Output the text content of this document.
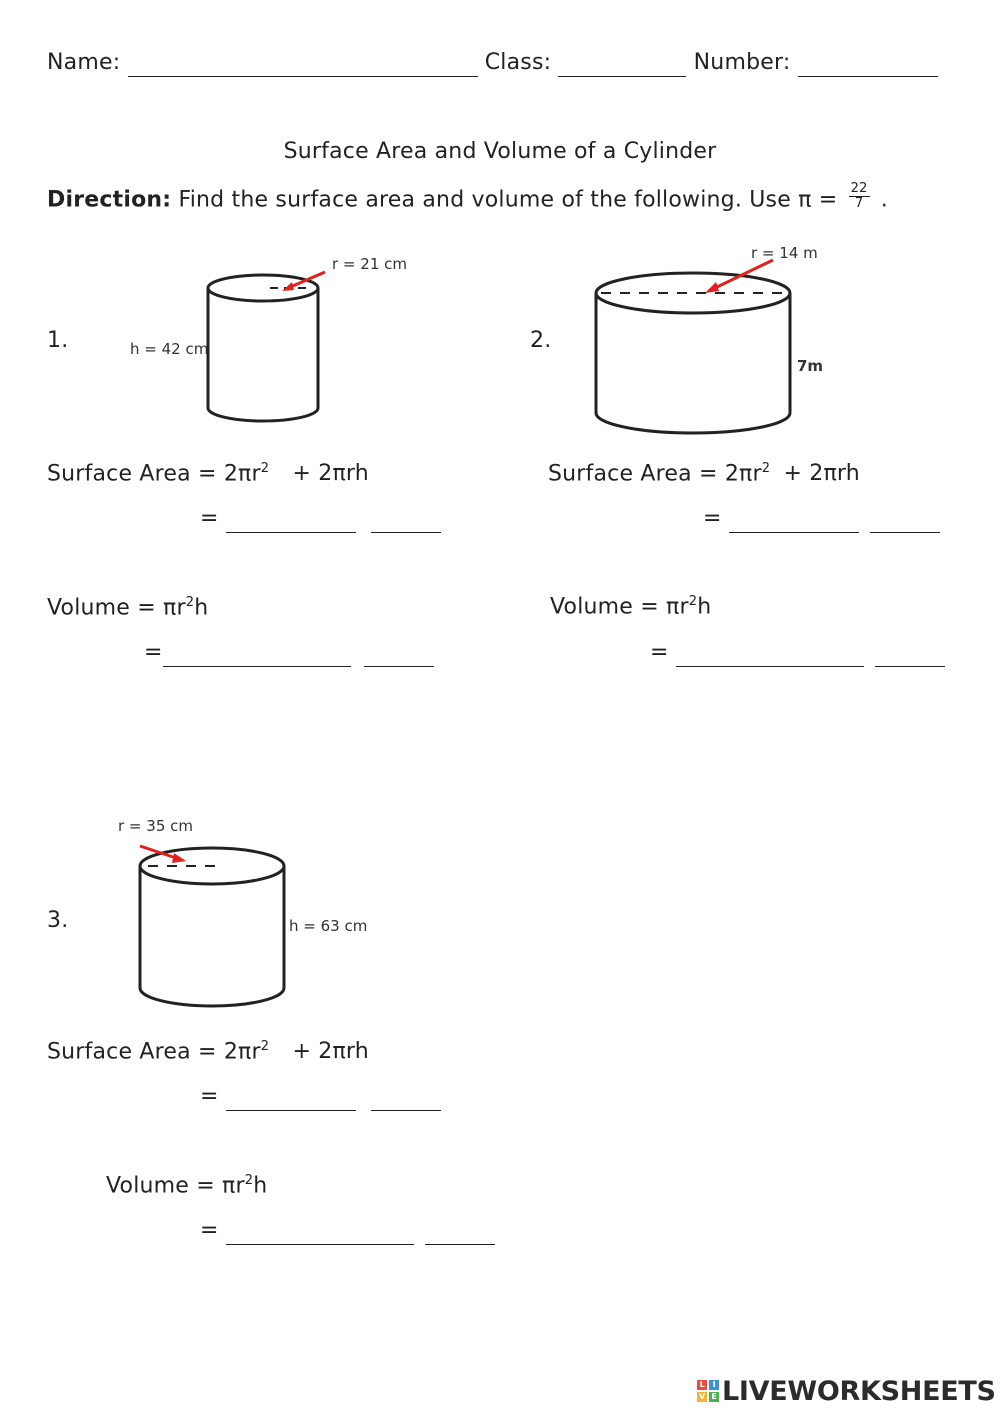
Name:	Class:	Number:
Surface Area and Volume of a Cylinder
Direction: Find the surface area and volume of the following. Use $\pi = \frac{22}{7}$ .
1.
r = 21 cm
h = 42 cm
Surface Area = $2\pi r^2 + 2\pi rh$
=
Volume = $\pi r^2h$
=
2.
r = 14 m
7m
Surface Area = $2\pi r^2 + 2\pi rh$
=
Volume = $\pi r^2h$
=
3.
r = 35 cm
h = 63 cm
Surface Area = $2\pi r^2 + 2\pi rh$
=
Volume = $\pi r^2h$
=
L	I
V E LIVEWORKSHEETS
